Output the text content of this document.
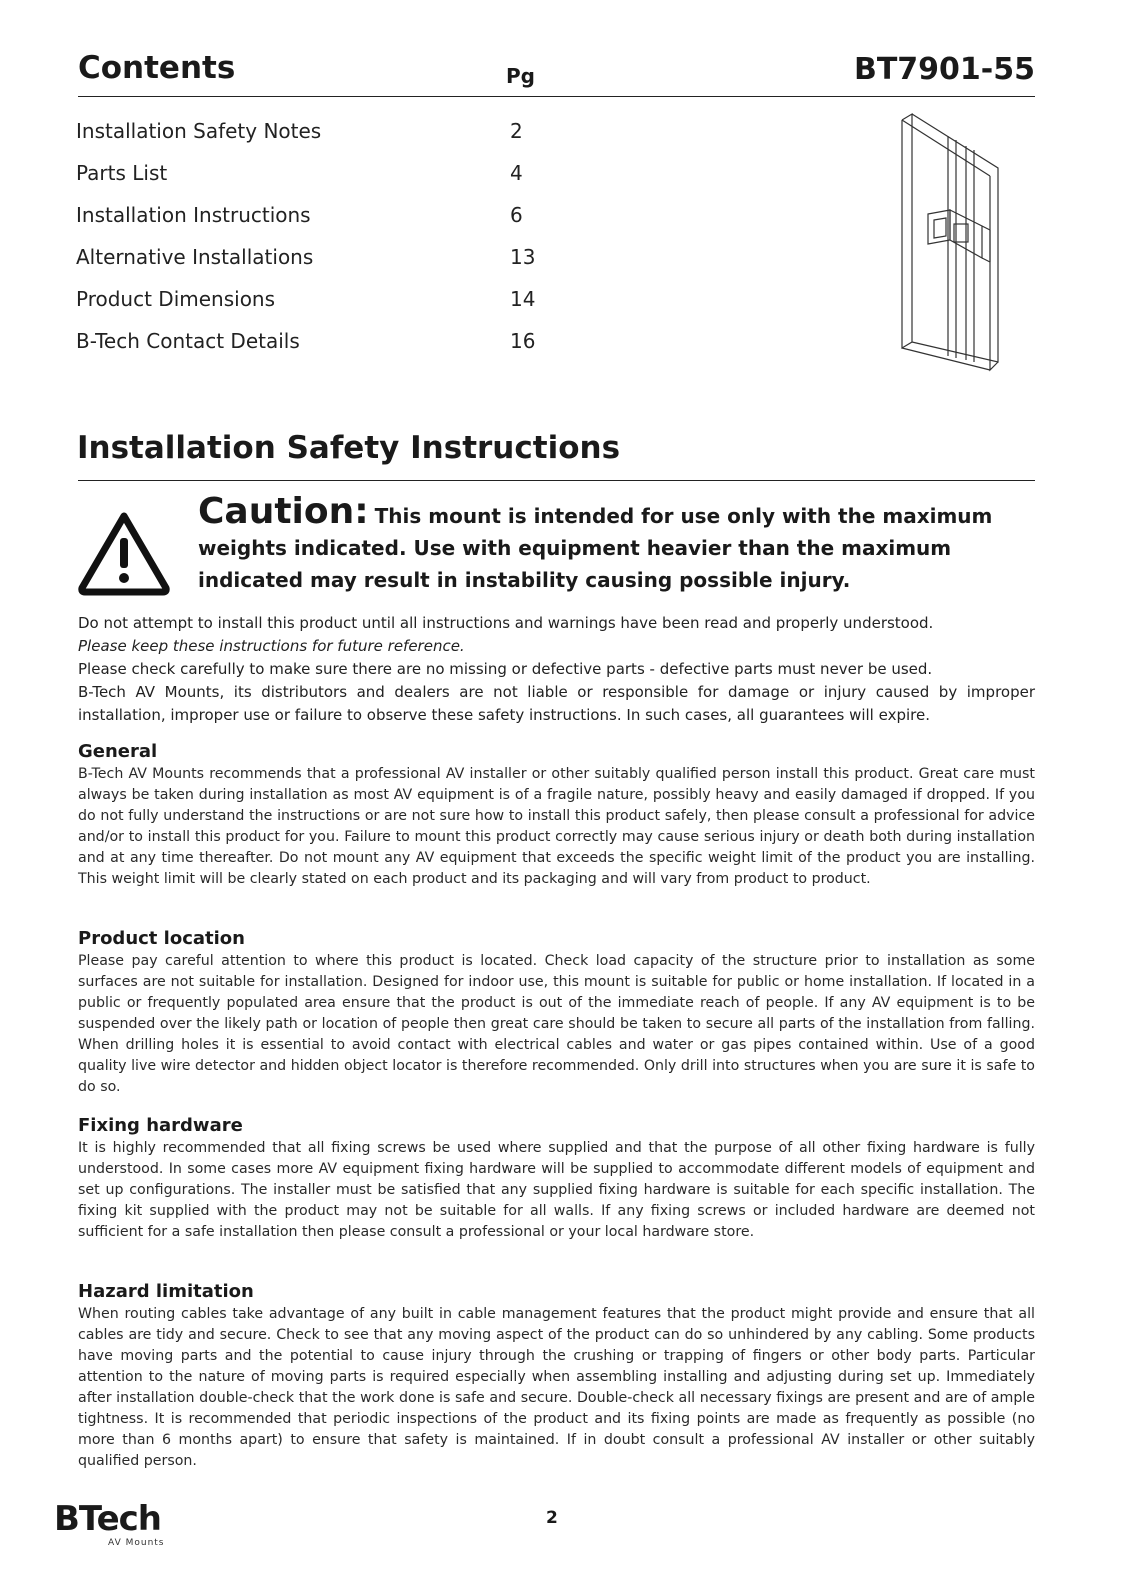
Contents	Pg	BT7901-55
Installation Safety Notes	2
Parts List	4
Installation Instructions	6
Alternative Installations	13
Product Dimensions	14
B-Tech Contact Details	16
Installation Safety Instructions
Caution: This mount is intended for use only with the maximum weights indicated. Use with equipment heavier than the maximum indicated may result in instability causing possible injury.

Do not attempt to install this product until all instructions and warnings have been read and properly understood.

Please keep these instructions for future reference.

Please check carefully to make sure there are no missing or defective parts - defective parts must never be used.

B-Tech AV Mounts, its distributors and dealers are not liable or responsible for damage or injury caused by improper installation, improper use or failure to observe these safety instructions. In such cases, all guarantees will expire.

General

B-Tech AV Mounts recommends that a professional AV installer or other suitably qualified person install this product. Great care must always be taken during installation as most AV equipment is of a fragile nature, possibly heavy and easily damaged if dropped. If you do not fully understand the instructions or are not sure how to install this product safely, then please consult a professional for advice and/or to install this product for you. Failure to mount this product correctly may cause serious injury or death both during installation and at any time thereafter. Do not mount any AV equipment that exceeds the specific weight limit of the product you are installing. This weight limit will be clearly stated on each product and its packaging and will vary from product to product.

Product location

Please pay careful attention to where this product is located. Check load capacity of the structure prior to installation as some surfaces are not suitable for installation. Designed for indoor use, this mount is suitable for public or home installation. If located in a public or frequently populated area ensure that the product is out of the immediate reach of people. If any AV equipment is to be suspended over the likely path or location of people then great care should be taken to secure all parts of the installation from falling. When drilling holes it is essential to avoid contact with electrical cables and water or gas pipes contained within. Use of a good quality live wire detector and hidden object locator is therefore recommended. Only drill into structures when you are sure it is safe to do so.

Fixing hardware

It is highly recommended that all fixing screws be used where supplied and that the purpose of all other fixing hardware is fully understood. In some cases more AV equipment fixing hardware will be supplied to accommodate different models of equipment and set up configurations. The installer must be satisfied that any supplied fixing hardware is suitable for each specific installation. The fixing kit supplied with the product may not be suitable for all walls. If any fixing screws or included hardware are deemed not sufficient for a safe installation then please consult a professional or your local hardware store.

Hazard limitation

When routing cables take advantage of any built in cable management features that the product might provide and ensure that all cables are tidy and secure. Check to see that any moving aspect of the product can do so unhindered by any cabling. Some products have moving parts and the potential to cause injury through the crushing or trapping of fingers or other body parts. Particular attention to the nature of moving parts is required especially when assembling installing and adjusting during set up. Immediately after installation double-check that the work done is safe and secure. Double-check all necessary fixings are present and are of ample tightness. It is recommended that periodic inspections of the product and its fixing points are made as frequently as possible (no more than 6 months apart) to ensure that safety is maintained. If in doubt consult a professional AV installer or other suitably qualified person.

BTech
AV Mounts
2
